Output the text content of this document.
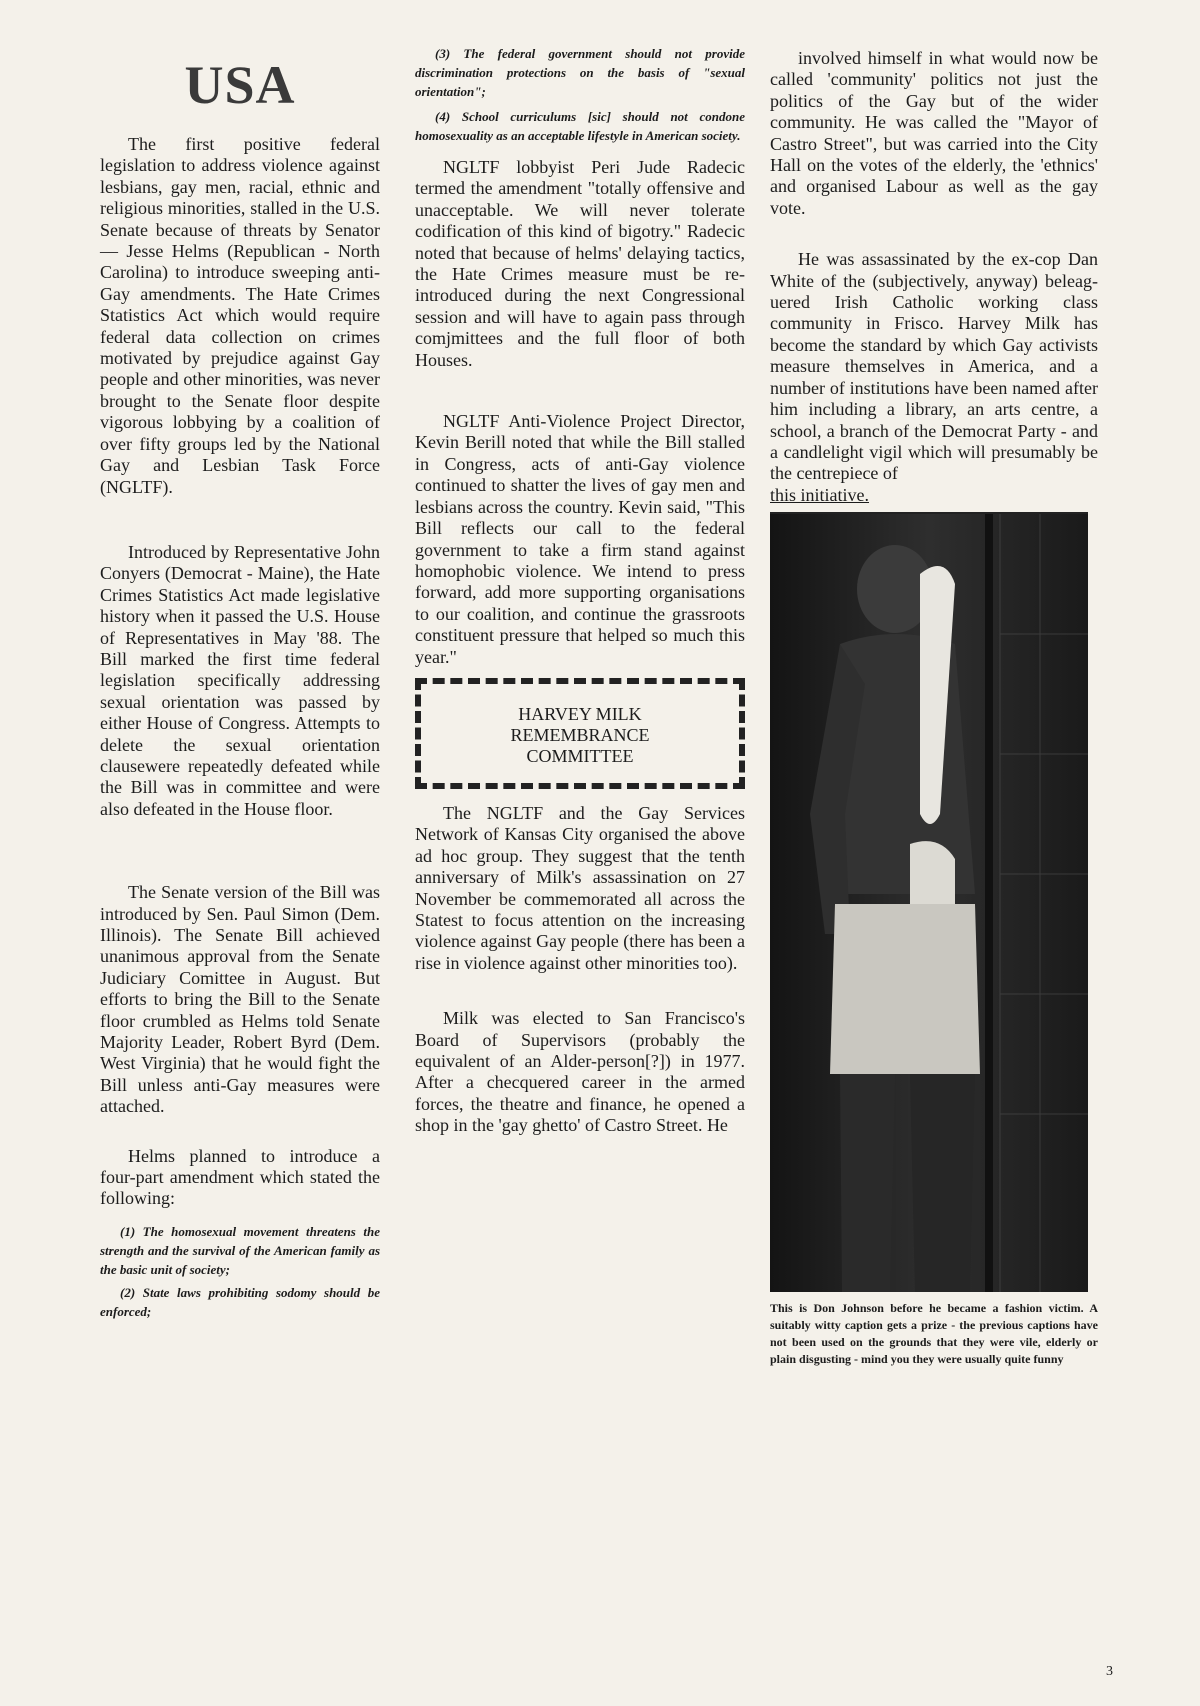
USA

The first positive federal legislation to address violence against lesbians, gay men, racial, ethnic and religious minorities, stalled in the U.S. Senate because of threats by Senator — Jesse Helms (Republican - North Carolina) to introduce sweeping anti-Gay amendments. The Hate Crimes Statistics Act which would require federal data collection on crimes motivated by prejudice against Gay people and other minorities, was never brought to the Senate floor despite vigorous lobbying by a coalition of over fifty groups led by the National Gay and Lesbian Task Force (NGLTF).

Introduced by Representative John Conyers (Democrat - Maine), the Hate Crimes Statistics Act made legislative history when it passed the U.S. House of Representatives in May '88. The Bill marked the first time federal legislation specifically addressing sexual orientation was passed by either House of Congress. Attempts to delete the sexual orientation clausewere repeatedly defeated while the Bill was in committee and were also defeated in the House floor.

The Senate version of the Bill was introduced by Sen. Paul Simon (Dem. Illinois). The Senate Bill achieved unanimous approval from the Senate Judiciary Comittee in August. But efforts to bring the Bill to the Senate floor crumbled as Helms told Senate Majority Leader, Robert Byrd (Dem. West Virginia) that he would fight the Bill unless anti-Gay measures were attached.

Helms planned to introduce a four-part amendment which stated the following:

(1) The homosexual movement threatens the strength and the survival of the American family as the basic unit of society;

(2) State laws prohibiting sodomy should be enforced;

(3) The federal government should not provide discrimination protections on the basis of "sexual orientation";

(4) School curriculums [sic] should not condone homosexuality as an acceptable lifestyle in American society.

NGLTF lobbyist Peri Jude Radecic termed the amendment "totally offensive and unacceptable. We will never tolerate codification of this kind of bigotry." Radecic noted that because of helms' delaying tactics, the Hate Crimes measure must be re-introduced during the next Congressional session and will have to again pass through comjmittees and the full floor of both Houses.

NGLTF Anti-Violence Project Director, Kevin Berill noted that while the Bill stalled in Congress, acts of anti-Gay violence continued to shatter the lives of gay men and lesbians across the country. Kevin said, "This Bill reflects our call to the federal government to take a firm stand against homophobic violence. We intend to press forward, add more supporting organisations to our coalition, and continue the grassroots constituent pressure that helped so much this year."

HARVEY MILK
REMEMBRANCE
COMMITTEE

The NGLTF and the Gay Services Network of Kansas City organised the above ad hoc group. They suggest that the tenth anniversary of Milk's assassination on 27 November be commemorated all across the Statest to focus attention on the increasing violence against Gay people (there has been a rise in violence against other minorities too).

Milk was elected to San Francisco's Board of Supervisors (probably the equivalent of an Alder-person[?]) in 1977. After a checquered career in the armed forces, the theatre and finance, he opened a shop in the 'gay ghetto' of Castro Street. He

involved himself in what would now be called 'community' politics not just the politics of the Gay but of the wider community. He was called the "Mayor of Castro Street", but was carried into the City Hall on the votes of the elderly, the 'ethnics' and organised Labour as well as the gay vote.

He was assassinated by the ex-cop Dan White of the (subjectively, anyway) beleag-uered Irish Catholic working class community in Frisco. Harvey Milk has become the standard by which Gay activists measure themselves in America, and a number of institutions have been named after him including a library, an arts centre, a school, a branch of the Democrat Party - and a candlelight vigil which will presumably be the centrepiece of

this initiative.

This is Don Johnson before he became a fashion victim. A suitably witty caption gets a prize - the previous captions have not been used on the grounds that they were vile, elderly or plain disgusting - mind you they were usually quite funny

3
